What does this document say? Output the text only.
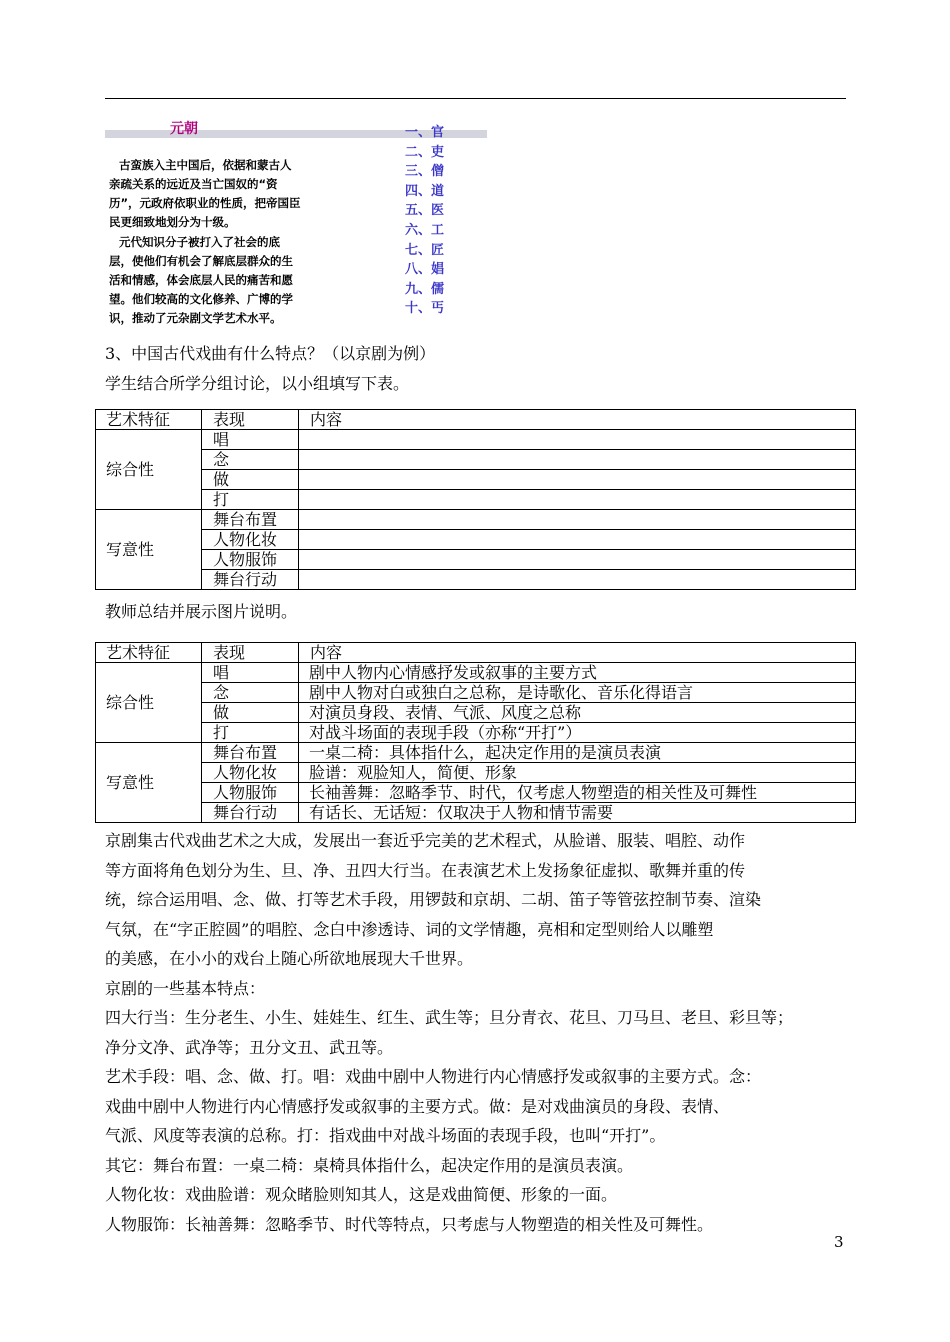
元朝
古蛮族入主中国后，依据和蒙古人
亲疏关系的远近及当亡国奴的“资
历”，元政府依职业的性质，把帝国臣
民更细致地划分为十级。
元代知识分子被打入了社会的底
层，使他们有机会了解底层群众的生
活和情感，体会底层人民的痛苦和愿
望。他们较高的文化修养、广博的学
识，推动了元杂剧文学艺术水平。
一、官
二、吏
三、僧
四、道
五、医
六、工
七、匠
八、娼
九、儒
十、丐
3、中国古代戏曲有什么特点？（以京剧为例）
学生结合所学分组讨论，以小组填写下表。
艺术特征	表现	内容
综合性	唱	
	念	
	做	
	打	
写意性	舞台布置	
	人物化妆	
	人物服饰	
	舞台行动	
教师总结并展示图片说明。
艺术特征	表现	内容
综合性	唱	剧中人物内心情感抒发或叙事的主要方式
	念	剧中人物对白或独白之总称，是诗歌化、音乐化得语言
	做	对演员身段、表情、气派、风度之总称
	打	对战斗场面的表现手段（亦称“开打”）
写意性	舞台布置	一桌二椅：具体指什么，起决定作用的是演员表演
	人物化妆	脸谱：观脸知人，简便、形象
	人物服饰	长袖善舞：忽略季节、时代，仅考虑人物塑造的相关性及可舞性
	舞台行动	有话长、无话短：仅取决于人物和情节需要

京剧集古代戏曲艺术之大成，发展出一套近乎完美的艺术程式，从脸谱、服装、唱腔、动作

等方面将角色划分为生、旦、净、丑四大行当。在表演艺术上发扬象征虚拟、歌舞并重的传

统，综合运用唱、念、做、打等艺术手段，用锣鼓和京胡、二胡、笛子等管弦控制节奏、渲染

气氛，在“字正腔圆”的唱腔、念白中渗透诗、词的文学情趣，亮相和定型则给人以雕塑

的美感，在小小的戏台上随心所欲地展现大千世界。

京剧的一些基本特点：

四大行当：生分老生、小生、娃娃生、红生、武生等；旦分青衣、花旦、刀马旦、老旦、彩旦等；

净分文净、武净等；丑分文丑、武丑等。

艺术手段：唱、念、做、打。唱：戏曲中剧中人物进行内心情感抒发或叙事的主要方式。念：

戏曲中剧中人物进行内心情感抒发或叙事的主要方式。做：是对戏曲演员的身段、表情、

气派、风度等表演的总称。打：指戏曲中对战斗场面的表现手段，也叫“开打”。

其它：舞台布置：一桌二椅：桌椅具体指什么，起决定作用的是演员表演。

人物化妆：戏曲脸谱：观众睹脸则知其人，这是戏曲简便、形象的一面。

人物服饰：长袖善舞：忽略季节、时代等特点，只考虑与人物塑造的相关性及可舞性。

3
